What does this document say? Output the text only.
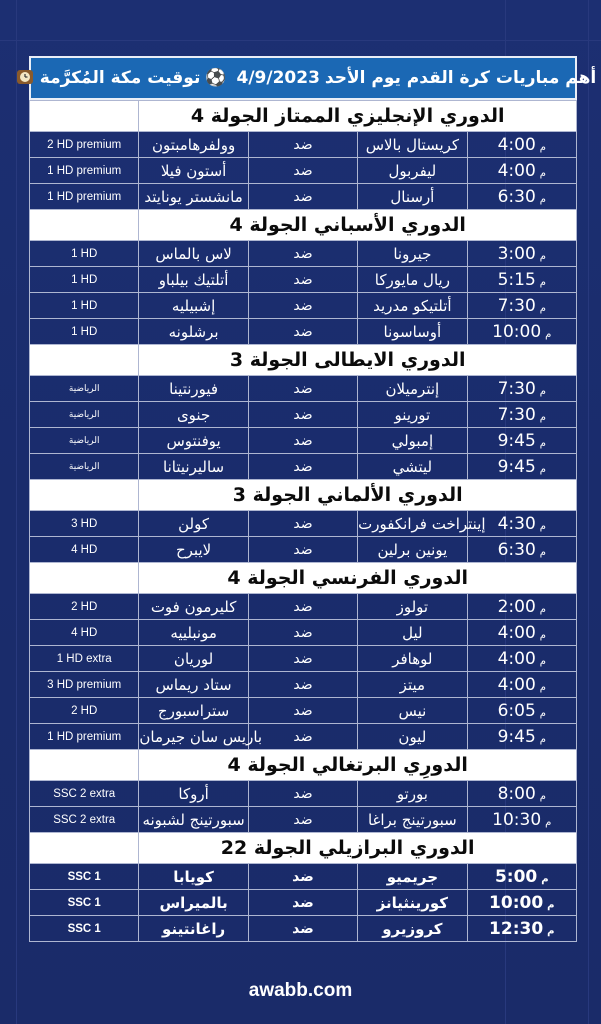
أهم مباريات كرة القدم يوم الأحد
4/9/2023
⚽
توقيت مكة المُكرَّمة
	الدوري الإنجليزي الممتاز الجولة 4			
2 HD premium	وولفرهامبتون	ضد	كريستال بالاس	4:00 م
1 HD premium	أستون فيلا	ضد	ليفربول	4:00 م
1 HD premium	مانشستر يونايتد	ضد	أرسنال	6:30 م
	الدوري الأسباني الجولة 4			
1 HD	لاس بالماس	ضد	جيرونا	3:00 م
1 HD	أتلتيك بيلباو	ضد	ريال مايوركا	5:15 م
1 HD	إشبيليه	ضد	أتلتيكو مدريد	7:30 م
1 HD	برشلونه	ضد	أوساسونا	10:00 م
	الدوري الايطالى الجولة 3			
الرياضية	فيورنتينا	ضد	إنترميلان	7:30 م
الرياضية	جنوى	ضد	تورينو	7:30 م
الرياضية	يوفنتوس	ضد	إمبولي	9:45 م
الرياضية	ساليرنيتانا	ضد	ليتشي	9:45 م
	الدوري الألماني الجولة 3			
3 HD	كولن	ضد	إينتراخت فرانكفورت	4:30 م
4 HD	لايبرح	ضد	يونين برلين	6:30 م
	الدوري الفرنسي الجولة 4			
2 HD	كليرمون فوت	ضد	تولوز	2:00 م
4 HD	مونبلييه	ضد	ليل	4:00 م
1 HD extra	لوريان	ضد	لوهافر	4:00 م
3 HD premium	ستاد ريماس	ضد	ميتز	4:00 م
2 HD	ستراسبورج	ضد	نيس	6:05 م
1 HD premium	باريس سان جيرمان	ضد	ليون	9:45 م
	الدورِي البرتغالي الجولة 4			
SSC 2 extra	أروكا	ضد	بورتو	8:00 م
SSC 2 extra	سبورتينج لشبونه	ضد	سبورتينج براغا	10:30 م
	الدوري البرازيلي الجولة 22			
SSC 1	كويابا	ضد	جريميو	5:00 م
SSC 1	بالميراس	ضد	كورينثيانز	10:00 م
SSC 1	راغانتينو	ضد	كروزيرو	12:30 م
awabb.com
